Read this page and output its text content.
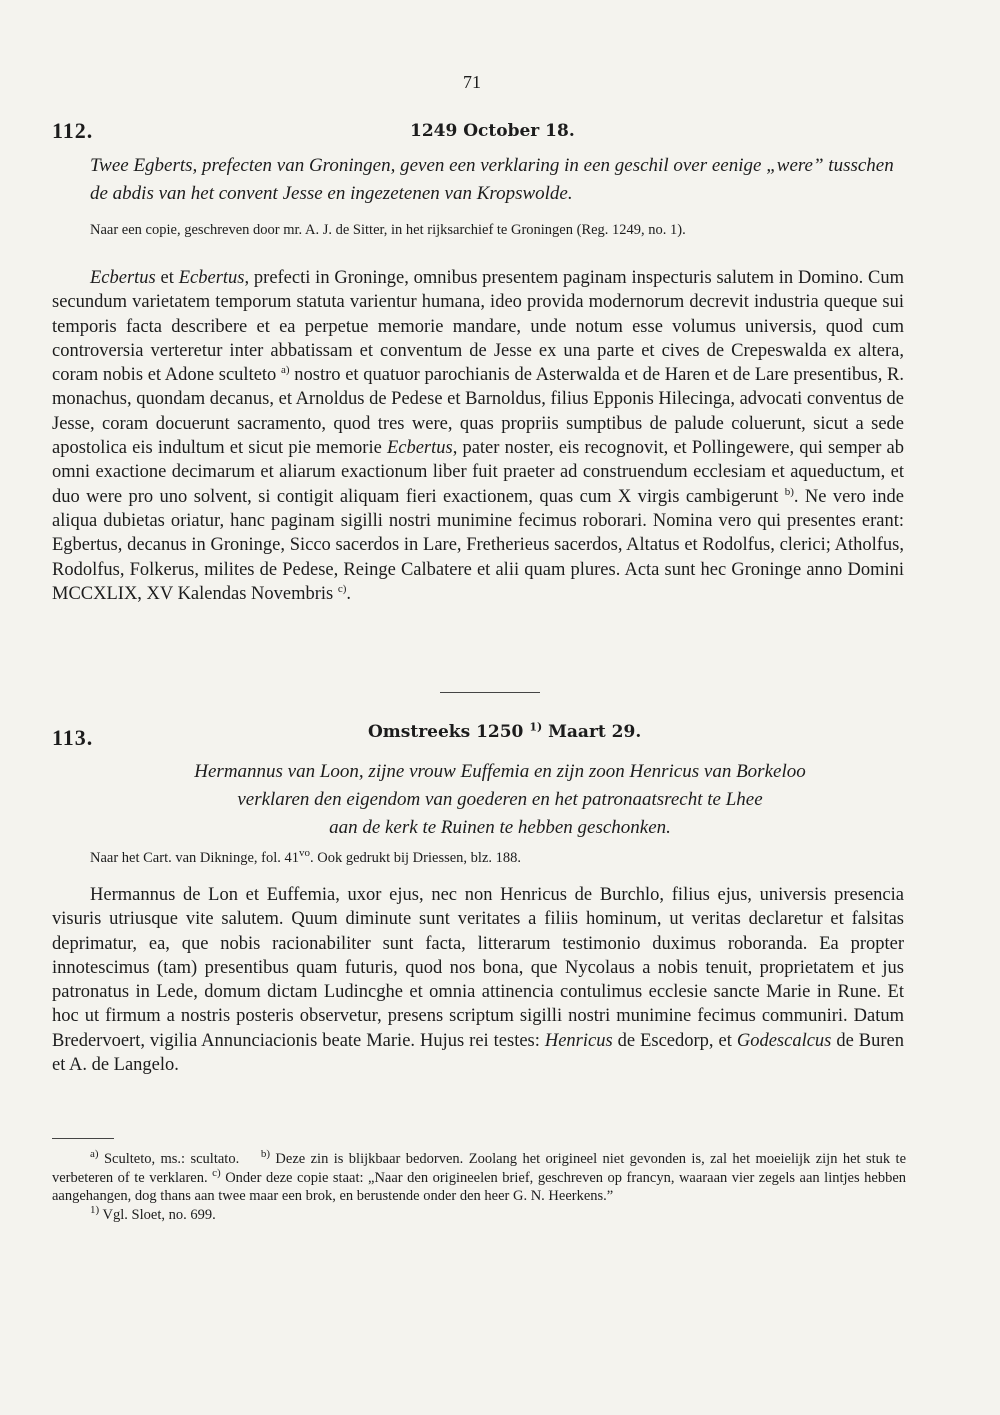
71
112.	1249 October 18.

Twee Egberts, prefecten van Groningen, geven een verklaring in een geschil over eenige „were” tusschen de abdis van het convent Jesse en ingezetenen van Kropswolde.

Naar een copie, geschreven door mr. A. J. de Sitter, in het rijksarchief te Groningen (Reg. 1249, no. 1).

Ecbertus et Ecbertus, prefecti in Groninge, omnibus presentem paginam inspecturis salutem in Domino. Cum secundum varietatem temporum statuta varientur humana, ideo provida modernorum decrevit industria queque sui temporis facta describere et ea perpetue memorie mandare, unde notum esse volumus universis, quod cum controversia verteretur inter abbatissam et conventum de Jesse ex una parte et cives de Crepeswalda ex altera, coram nobis et Adone sculteto $^{a)}$ nostro et quatuor parochianis de Asterwalda et de Haren et de Lare presentibus, R. monachus, quondam decanus, et Arnoldus de Pedese et Barnoldus, filius Epponis Hilecinga, advocati conventus de Jesse, coram docuerunt sacramento, quod tres were, quas propriis sumptibus de palude coluerunt, sicut a sede apostolica eis indultum et sicut pie memorie Ecbertus, pater noster, eis recognovit, et Pollingewere, qui semper ab omni exactione decimarum et aliarum exactionum liber fuit praeter ad construendum ecclesiam et aqueductum, et duo were pro uno solvent, si contigit aliquam fieri exactionem, quas cum X virgis cambigerunt $^{b)}$. Ne vero inde aliqua dubietas oriatur, hanc paginam sigilli nostri munimine fecimus roborari. Nomina vero qui presentes erant: Egbertus, decanus in Groninge, Sicco sacerdos in Lare, Fretherieus sacerdos, Altatus et Rodolfus, clerici; Atholfus, Rodolfus, Folkerus, milites de Pedese, Reinge Calbatere et alii quam plures. Acta sunt hec Groninge anno Domini MCCXLIX, XV Kalendas Novembris $^{c)}$.

113.	Omstreeks 1250 $^{1)}$ Maart 29.
Hermannus van Loon, zijne vrouw Euffemia en zijn zoon Henricus van Borkeloo
verklaren den eigendom van goederen en het patronaatsrecht te Lhee
aan de kerk te Ruinen te hebben geschonken.

Naar het Cart. van Dikninge, fol. $41^{vo}$. Ook gedrukt bij Driessen, blz. 188.

Hermannus de Lon et Euffemia, uxor ejus, nec non Henricus de Burchlo, filius ejus, universis presencia visuris utriusque vite salutem. Quum diminute sunt veritates a filiis hominum, ut veritas declaretur et falsitas deprimatur, ea, que nobis racionabiliter sunt facta, litterarum testimonio duximus roboranda. Ea propter innotescimus (tam) presentibus quam futuris, quod nos bona, que Nycolaus a nobis tenuit, proprietatem et jus patronatus in Lede, domum dictam Ludincghe et omnia attinencia contulimus ecclesie sancte Marie in Rune. Et hoc ut firmum a nostris posteris observetur, presens scriptum sigilli nostri munimine fecimus communiri. Datum Bredervoert, vigilia Annunciacionis beate Marie. Hujus rei testes: Henricus de Escedorp, et Godescalcus de Buren et A. de Langelo.

$^{a)}$ Sculteto, ms.: scultato. $^{b)}$ Deze zin is blijkbaar bedorven. Zoolang het origineel niet gevonden is, zal het moeielijk zijn het stuk te verbeteren of te verklaren. $^{c)}$ Onder deze copie staat: „Naar den origineelen brief, geschreven op francyn, waaraan vier zegels aan lintjes hebben aangehangen, dog thans aan twee maar een brok, en berustende onder den heer G. N. Heerkens.”

$^{1)}$ Vgl. Sloet, no. 699.
